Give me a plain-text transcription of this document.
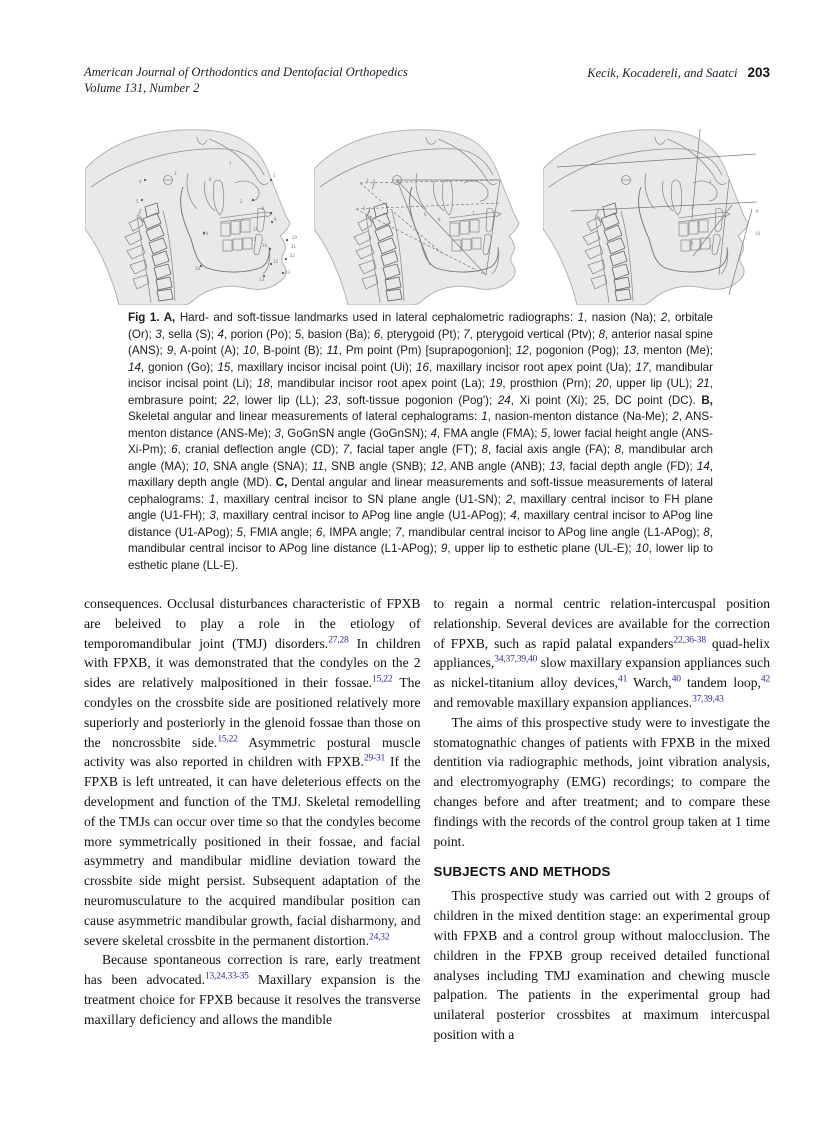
American Journal of Orthodontics and Dentofacial Orthopedics
Volume 131, Number 2
Kecik, Kocadereli, and Saatci 203
1
2
3
4
5
6
7
8
9
10
12
13
14
15
17	20
21
22
23
24
3
2
6
8
1
1
2
9
10
5
7
Fig 1. A, Hard- and soft-tissue landmarks used in lateral cephalometric radiographs: 1, nasion (Na); 2, orbitale (Or); 3, sella (S); 4, porion (Po); 5, basion (Ba); 6, pterygoid (Pt); 7, pterygoid vertical (Ptv); 8, anterior nasal spine (ANS); 9, A-point (A); 10, B-point (B); 11, Pm point (Pm) [suprapogonion]; 12, pogonion (Pog); 13, menton (Me); 14, gonion (Go); 15, maxillary incisor incisal point (Ui); 16, maxillary incisor root apex point (Ua); 17, mandibular incisor incisal point (Li); 18, mandibular incisor root apex point (La); 19, prosthion (Prn); 20, upper lip (UL); 21, embrasure point; 22, lower lip (LL); 23, soft-tissue pogonion (Pog'); 24, Xi point (Xi); 25, DC point (DC). B, Skeletal angular and linear measurements of lateral cephalograms: 1, nasion-menton distance (Na-Me); 2, ANS-menton distance (ANS-Me); 3, GoGnSN angle (GoGnSN); 4, FMA angle (FMA); 5, lower facial height angle (ANS-Xi-Pm); 6, cranial deflection angle (CD); 7, facial taper angle (FT); 8, facial axis angle (FA); 8, mandibular arch angle (MA); 10, SNA angle (SNA); 11, SNB angle (SNB); 12, ANB angle (ANB); 13, facial depth angle (FD); 14, maxillary depth angle (MD). C, Dental angular and linear measurements and soft-tissue measurements of lateral cephalograms: 1, maxillary central incisor to SN plane angle (U1-SN); 2, maxillary central incisor to FH plane angle (U1-FH); 3, maxillary central incisor to APog line angle (U1-APog); 4, maxillary central incisor to APog line distance (U1-APog); 5, FMIA angle; 6, IMPA angle; 7, mandibular central incisor to APog line angle (L1-APog); 8, mandibular central incisor to APog line distance (L1-APog); 9, upper lip to esthetic plane (UL-E); 10, lower lip to esthetic plane (LL-E).

consequences. Occlusal disturbances characteristic of FPXB are beleived to play a role in the etiology of temporomandibular joint (TMJ) disorders.$^{27,28}$ In children with FPXB, it was demonstrated that the condyles on the 2 sides are relatively malpositioned in their fossae.$^{15,22}$ The condyles on the crossbite side are positioned relatively more superiorly and posteriorly in the glenoid fossae than those on the noncrossbite side.$^{15,22}$ Asymmetric postural muscle activity was also reported in children with FPXB.$^{29-31}$ If the FPXB is left untreated, it can have deleterious effects on the development and function of the TMJ. Skeletal remodelling of the TMJs can occur over time so that the condyles become more symmetrically positioned in their fossae, and facial asymmetry and mandibular midline deviation toward the crossbite side might persist. Subsequent adaptation of the neuromusculature to the acquired mandibular position can cause asymmetric mandibular growth, facial disharmony, and severe skeletal crossbite in the permanent distortion.$^{24,32}$

Because spontaneous correction is rare, early treatment has been advocated.$^{13,24,33-35}$ Maxillary expansion is the treatment choice for FPXB because it resolves the transverse maxillary deficiency and allows the mandible

to regain a normal centric relation-intercuspal position relationship. Several devices are available for the correction of FPXB, such as rapid palatal expanders$^{22,36-38}$ quad-helix appliances,$^{34,37,39,40}$ slow maxillary expansion appliances such as nickel-titanium alloy devices,$^{41}$ Warch,$^{40}$ tandem loop,$^{42}$ and removable maxillary expansion appliances.$^{37,39,43}$

The aims of this prospective study were to investigate the stomatognathic changes of patients with FPXB in the mixed dentition via radiographic methods, joint vibration analysis, and electromyography (EMG) recordings; to compare the changes before and after treatment; and to compare these findings with the records of the control group taken at 1 time point.

SUBJECTS AND METHODS

This prospective study was carried out with 2 groups of children in the mixed dentition stage: an experimental group with FPXB and a control group without malocclusion. The children in the FPXB group received detailed functional analyses including TMJ examination and chewing muscle palpation. The patients in the experimental group had unilateral posterior crossbites at maximum intercuspal position with a
